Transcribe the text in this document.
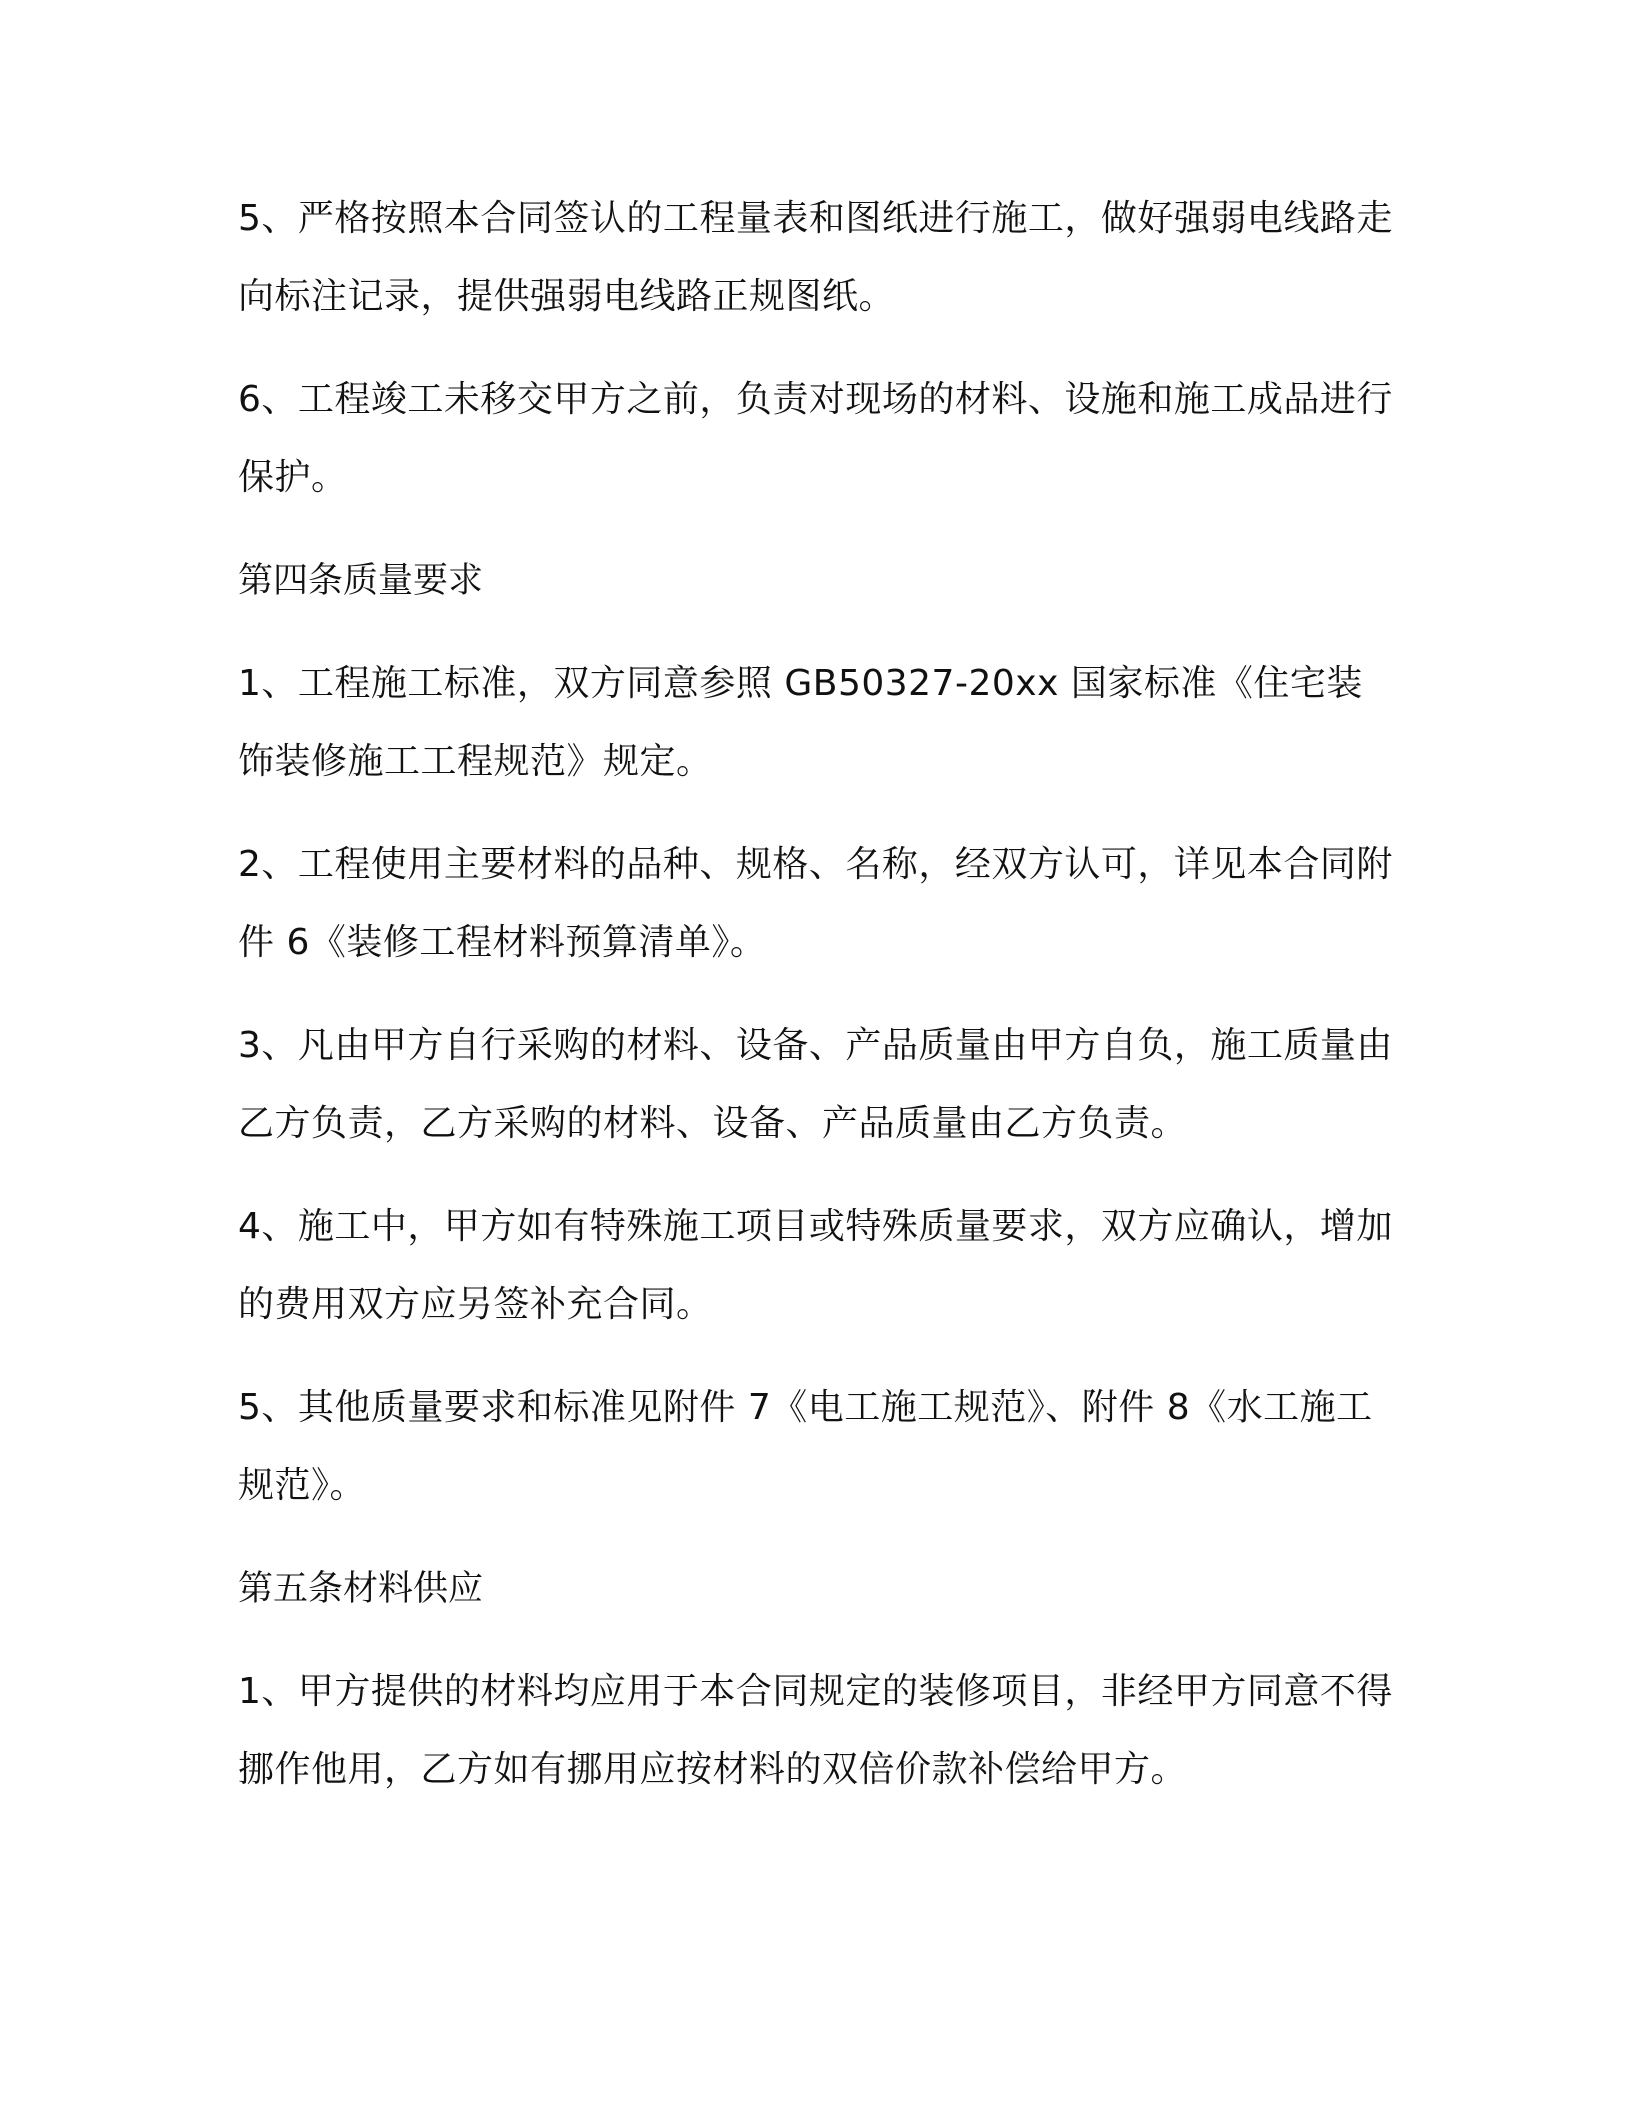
5、严格按照本合同签认的工程量表和图纸进行施工，做好强弱电线路走向标注记录，提供强弱电线路正规图纸。

6、工程竣工未移交甲方之前，负责对现场的材料、设施和施工成品进行保护。

第四条质量要求

1、工程施工标准，双方同意参照 GB50327-20xx 国家标准《住宅装饰装修施工工程规范》规定。

2、工程使用主要材料的品种、规格、名称，经双方认可，详见本合同附件 6《装修工程材料预算清单》。

3、凡由甲方自行采购的材料、设备、产品质量由甲方自负，施工质量由乙方负责，乙方采购的材料、设备、产品质量由乙方负责。

4、施工中，甲方如有特殊施工项目或特殊质量要求，双方应确认，增加的费用双方应另签补充合同。

5、其他质量要求和标准见附件 7《电工施工规范》、附件 8《水工施工规范》。

第五条材料供应

1、甲方提供的材料均应用于本合同规定的装修项目，非经甲方同意不得挪作他用，乙方如有挪用应按材料的双倍价款补偿给甲方。
